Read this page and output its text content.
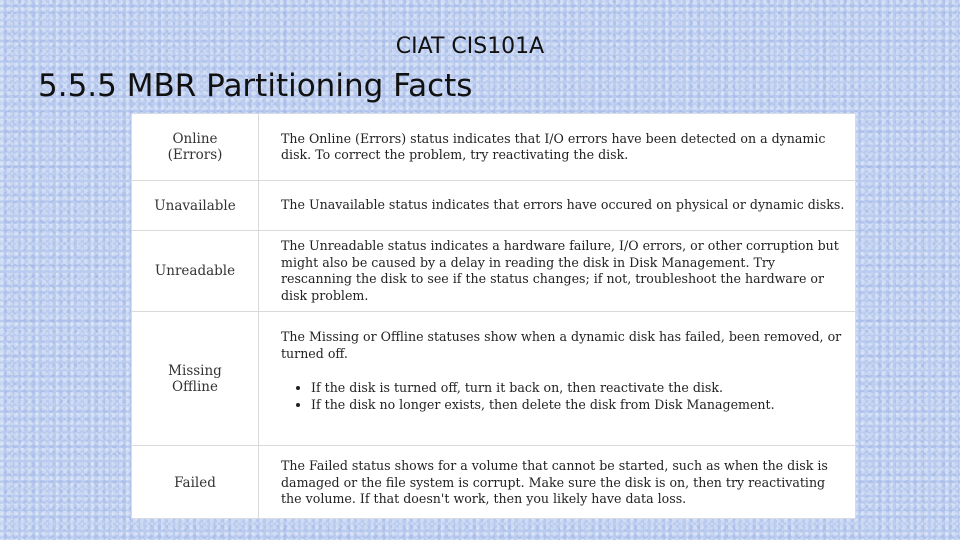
CIAT CIS101A
5.5.5 MBR Partitioning Facts
Online
(Errors)
The Online (Errors) status indicates that I/O errors have been detected on a dynamic disk. To correct the problem, try reactivating the disk.
Unavailable	The Unavailable status indicates that errors have occured on physical or dynamic disks.
Unreadable
The Unreadable status indicates a hardware failure, I/O errors, or other corruption but might also be caused by a delay in reading the disk in Disk Management. Try rescanning the disk to see if the status changes; if not, troubleshoot the hardware or disk problem.
Missing
Offline
The Missing or Offline statuses show when a dynamic disk has failed, been removed, or turned off.
• If the disk is turned off, turn it back on, then reactivate the disk.
• If the disk no longer exists, then delete the disk from Disk Management.
Failed
The Failed status shows for a volume that cannot be started, such as when the disk is damaged or the file system is corrupt. Make sure the disk is on, then try reactivating the volume. If that doesn't work, then you likely have data loss.
